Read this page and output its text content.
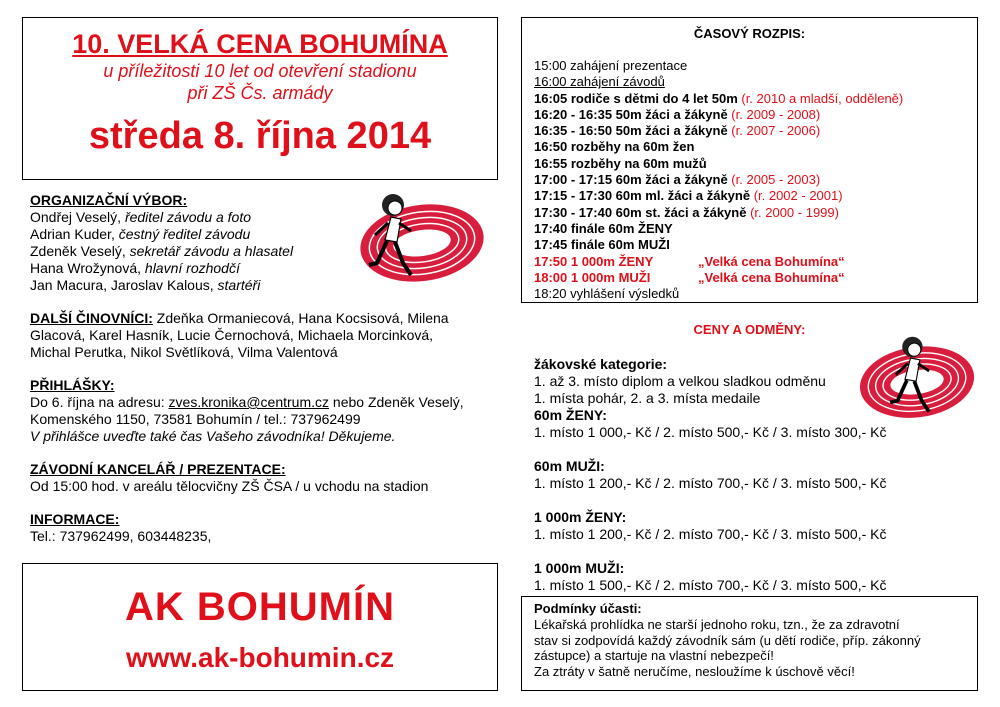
10. VELKÁ CENA BOHUMÍNA
u příležitosti 10 let od otevření stadionu
při ZŠ Čs. armády
středa 8. října 2014
ORGANIZAČNÍ VÝBOR:
Ondřej Veselý, ředitel závodu a foto
Adrian Kuder, čestný ředitel závodu
Zdeněk Veselý, sekretář závodu a hlasatel
Hana Wrožynová, hlavní rozhodčí
Jan Macura, Jaroslav Kalous, startéři
DALŠÍ ČINOVNÍCI: Zdeňka Ormaniecová, Hana Kocsisová, Milena
Glacová, Karel Hasník, Lucie Černochová, Michaela Morcinková,
Michal Perutka, Nikol Světlíková, Vilma Valentová
PŘIHLÁŠKY:
Do 6. října na adresu: zves.kronika@centrum.cz nebo Zdeněk Veselý,
Komenského 1150, 73581 Bohumín / tel.: 737962499
V přihlášce uveďte také čas Vašeho závodníka! Děkujeme.
ZÁVODNÍ KANCELÁŘ / PREZENTACE:
Od 15:00 hod. v areálu tělocvičny ZŠ ČSA / u vchodu na stadion
INFORMACE:
Tel.: 737962499, 603448235,
AK BOHUMÍN
www.ak-bohumin.cz
ČASOVÝ ROZPIS:
15:00 zahájení prezentace
16:00 zahájení závodů
16:05 rodiče s dětmi do 4 let 50m (r. 2010 a mladší, odděleně)
16:20 - 16:35 50m žáci a žákyně (r. 2009 - 2008)
16:35 - 16:50 50m žáci a žákyně (r. 2007 - 2006)
16:50 rozběhy na 60m žen
16:55 rozběhy na 60m mužů
17:00 - 17:15 60m žáci a žákyně (r. 2005 - 2003)
17:15 - 17:30 60m ml. žáci a žákyně (r. 2002 - 2001)
17:30 - 17:40 60m st. žáci a žákyně (r. 2000 - 1999)
17:40 finále 60m ŽENY
17:45 finále 60m MUŽI
17:50 1 000m ŽENY	„Velká cena Bohumína“
18:00 1 000m MUŽI	„Velká cena Bohumína“
18:20 vyhlášení výsledků
CENY A ODMĚNY:
žákovské kategorie:
1. až 3. místo diplom a velkou sladkou odměnu
1. místa pohár, 2. a 3. místa medaile
60m ŽENY:
1. místo 1 000,- Kč / 2. místo 500,- Kč / 3. místo 300,- Kč
60m MUŽI:
1. místo 1 200,- Kč / 2. místo 700,- Kč / 3. místo 500,- Kč
1 000m ŽENY:
1. místo 1 200,- Kč / 2. místo 700,- Kč / 3. místo 500,- Kč
1 000m MUŽI:
1. místo 1 500,- Kč / 2. místo 700,- Kč / 3. místo 500,- Kč
Podmínky účasti:
Lékařská prohlídka ne starší jednoho roku, tzn., že za zdravotní
stav si zodpovídá každý závodník sám (u dětí rodiče, příp. zákonný
zástupce) a startuje na vlastní nebezpečí!
Za ztráty v šatně neručíme, nesloužíme k úschově věcí!
